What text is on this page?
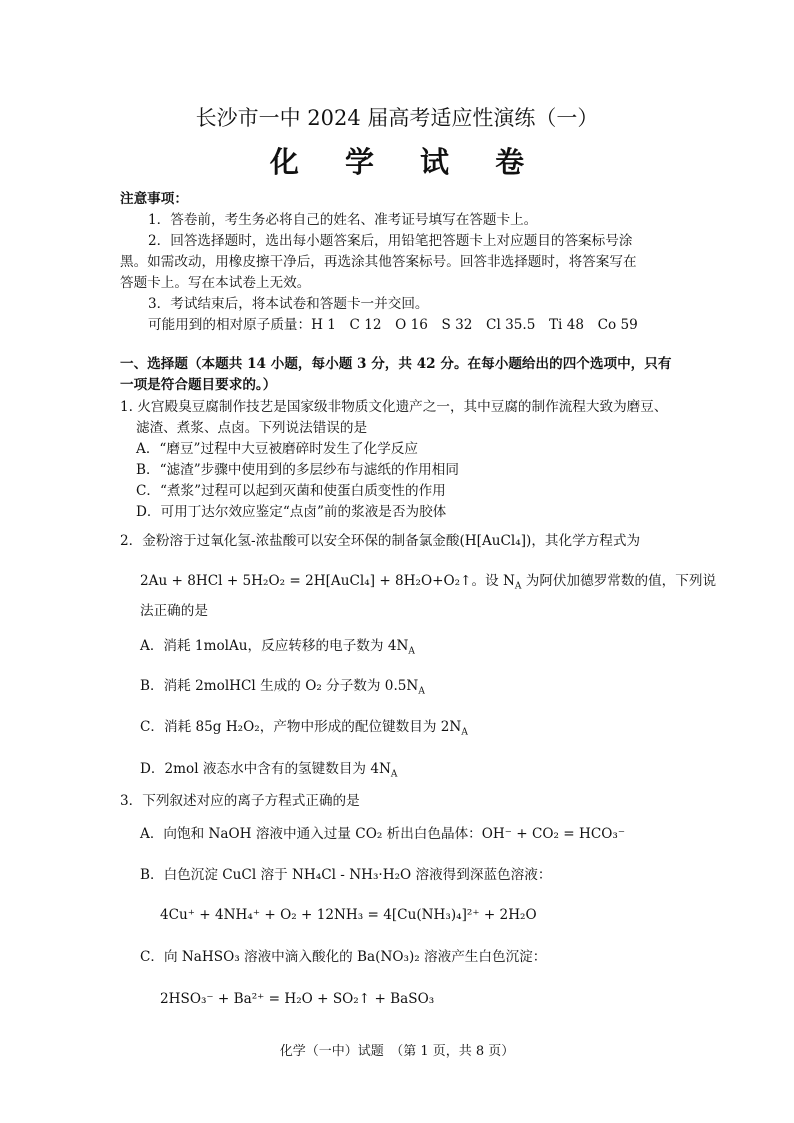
长沙市一中 2024 届高考适应性演练（一）
化 学 试 卷
注意事项：
1．答卷前，考生务必将自己的姓名、准考证号填写在答题卡上。
2．回答选择题时，选出每小题答案后，用铅笔把答题卡上对应题目的答案标号涂
黑。如需改动，用橡皮擦干净后，再选涂其他答案标号。回答非选择题时，将答案写在
答题卡上。写在本试卷上无效。
3．考试结束后，将本试卷和答题卡一并交回。
可能用到的相对原子质量：H 1　C 12　O 16　S 32　Cl 35.5　Ti 48　Co 59
一、选择题（本题共 14 小题，每小题 3 分，共 42 分。在每小题给出的四个选项中，只有
一项是符合题目要求的。）
1. 火宫殿臭豆腐制作技艺是国家级非物质文化遗产之一，其中豆腐的制作流程大致为磨豆、
滤渣、煮浆、点卤。下列说法错误的是
A．“磨豆”过程中大豆被磨碎时发生了化学反应
B．“滤渣”步骤中使用到的多层纱布与滤纸的作用相同
C．“煮浆”过程可以起到灭菌和使蛋白质变性的作用
D．可用丁达尔效应鉴定“点卤”前的浆液是否为胶体
2．金粉溶于过氧化氢-浓盐酸可以安全环保的制备氯金酸(H[AuCl₄])，其化学方程式为
2Au + 8HCl + 5H₂O₂ = 2H[AuCl₄] + 8H₂O+O₂↑。设 $N_A$ 为阿伏加德罗常数的值，下列说
法正确的是
A．消耗 1molAu，反应转移的电子数为 $4N_A$
B．消耗 2molHCl 生成的 O₂ 分子数为 $0.5N_A$
C．消耗 85g H₂O₂，产物中形成的配位键数目为 $2N_A$
D．2mol 液态水中含有的氢键数目为 $4N_A$
3．下列叙述对应的离子方程式正确的是
A．向饱和 NaOH 溶液中通入过量 CO₂ 析出白色晶体：OH⁻ + CO₂ = HCO₃⁻
B．白色沉淀 CuCl 溶于 NH₄Cl - NH₃·H₂O 溶液得到深蓝色溶液：
4Cu⁺ + 4NH₄⁺ + O₂ + 12NH₃ = 4[Cu(NH₃)₄]²⁺ + 2H₂O
C．向 NaHSO₃ 溶液中滴入酸化的 Ba(NO₃)₂ 溶液产生白色沉淀：
2HSO₃⁻ + Ba²⁺ = H₂O + SO₂↑ + BaSO₃
化学（一中）试题　（第 1 页，共 8 页）
